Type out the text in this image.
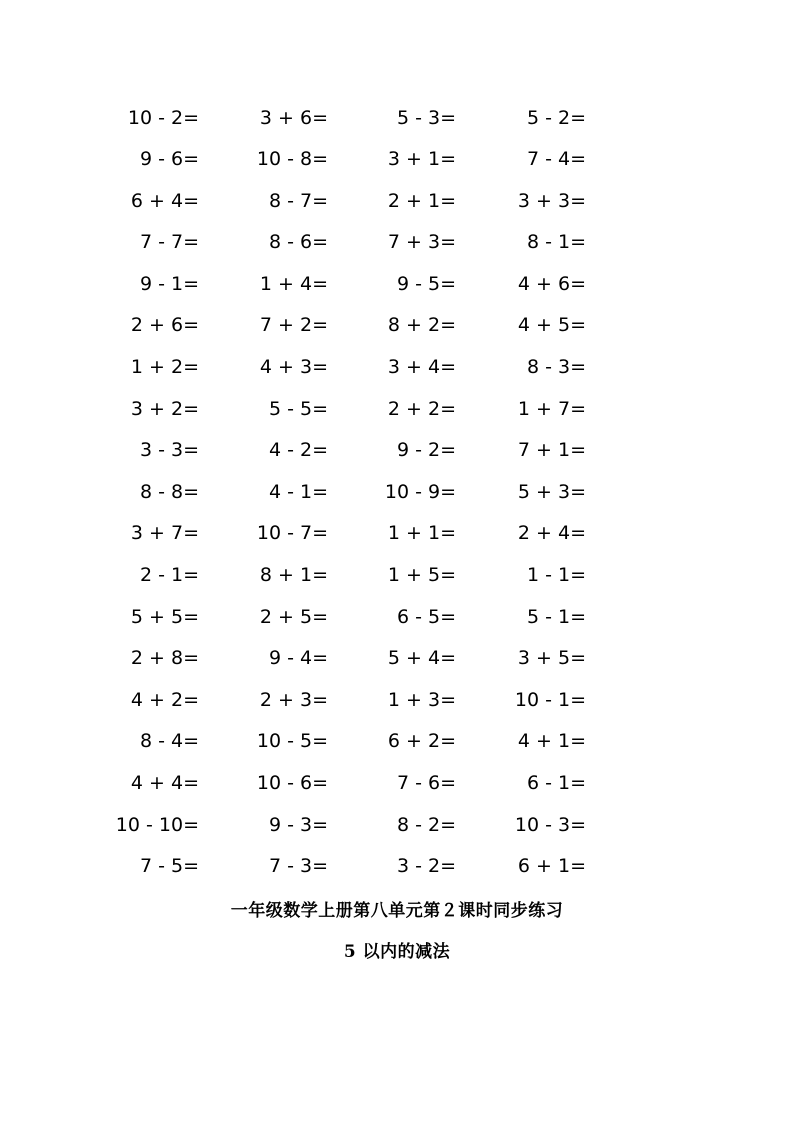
10 - 2=	3 + 6=	5 - 3=	5 - 2=
9 - 6=	10 - 8=	3 + 1=	7 - 4=
6 + 4=	8 - 7=	2 + 1=	3 + 3=
7 - 7=	8 - 6=	7 + 3=	8 - 1=
9 - 1=	1 + 4=	9 - 5=	4 + 6=
2 + 6=	7 + 2=	8 + 2=	4 + 5=
1 + 2=	4 + 3=	3 + 4=	8 - 3=
3 + 2=	5 - 5=	2 + 2=	1 + 7=
3 - 3=	4 - 2=	9 - 2=	7 + 1=
8 - 8=	4 - 1=	10 - 9=	5 + 3=
3 + 7=	10 - 7=	1 + 1=	2 + 4=
2 - 1=	8 + 1=	1 + 5=	1 - 1=
5 + 5=	2 + 5=	6 - 5=	5 - 1=
2 + 8=	9 - 4=	5 + 4=	3 + 5=
4 + 2=	2 + 3=	1 + 3=	10 - 1=
8 - 4=	10 - 5=	6 + 2=	4 + 1=
4 + 4=	10 - 6=	7 - 6=	6 - 1=
10 - 10=	9 - 3=	8 - 2=	10 - 3=
7 - 5=	7 - 3=	3 - 2=	6 + 1=
一年级数学上册第八单元第２课时同步练习
5 以内的减法
